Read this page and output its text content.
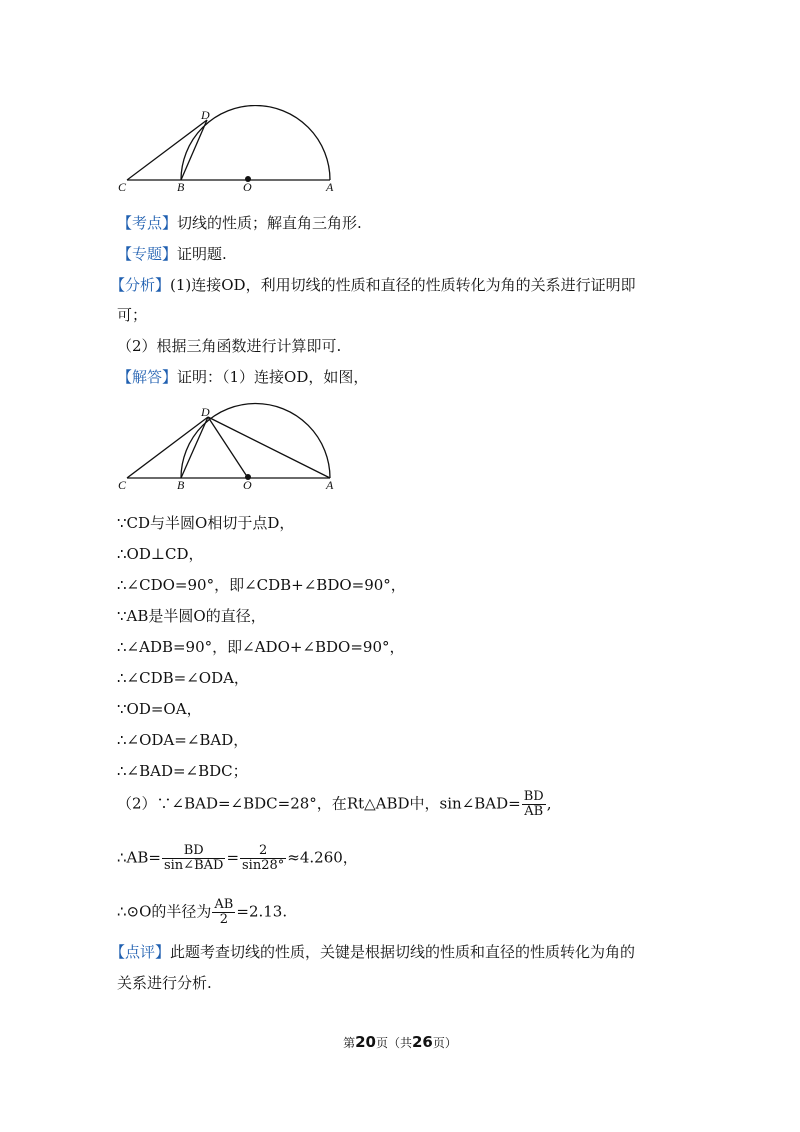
C	B	O	A
D
【考点】切线的性质；解直角三角形.
【专题】证明题.
【分析】(1)连接OD，利用切线的性质和直径的性质转化为角的关系进行证明即
可；
（2）根据三角函数进行计算即可.
【解答】证明：（1）连接OD，如图，
C	B	O	A
D
∵CD与半圆O相切于点D，
∴OD⊥CD，
∴∠CDO=90°，即∠CDB+∠BDO=90°，
∵AB是半圆O的直径，
∴∠ADB=90°，即∠ADO+∠BDO=90°，
∴∠CDB=∠ODA，
∵OD=OA，
∴∠ODA=∠BAD，
∴∠BAD=∠BDC；
（2）∵∠BAD=∠BDC=28°，在Rt△ABD中，sin∠BAD= $\frac{BD}{AB}$ ,
∴AB= $\frac{BD}{\text{sin∠BAD}} = \frac{2}{\sin 28^\circ} \approx 4.260$，
∴⊙O的半径为 $\frac{AB}{2} =2.13$.
【点评】此题考查切线的性质，关键是根据切线的性质和直径的性质转化为角的
关系进行分析.
第20页（共26页）
